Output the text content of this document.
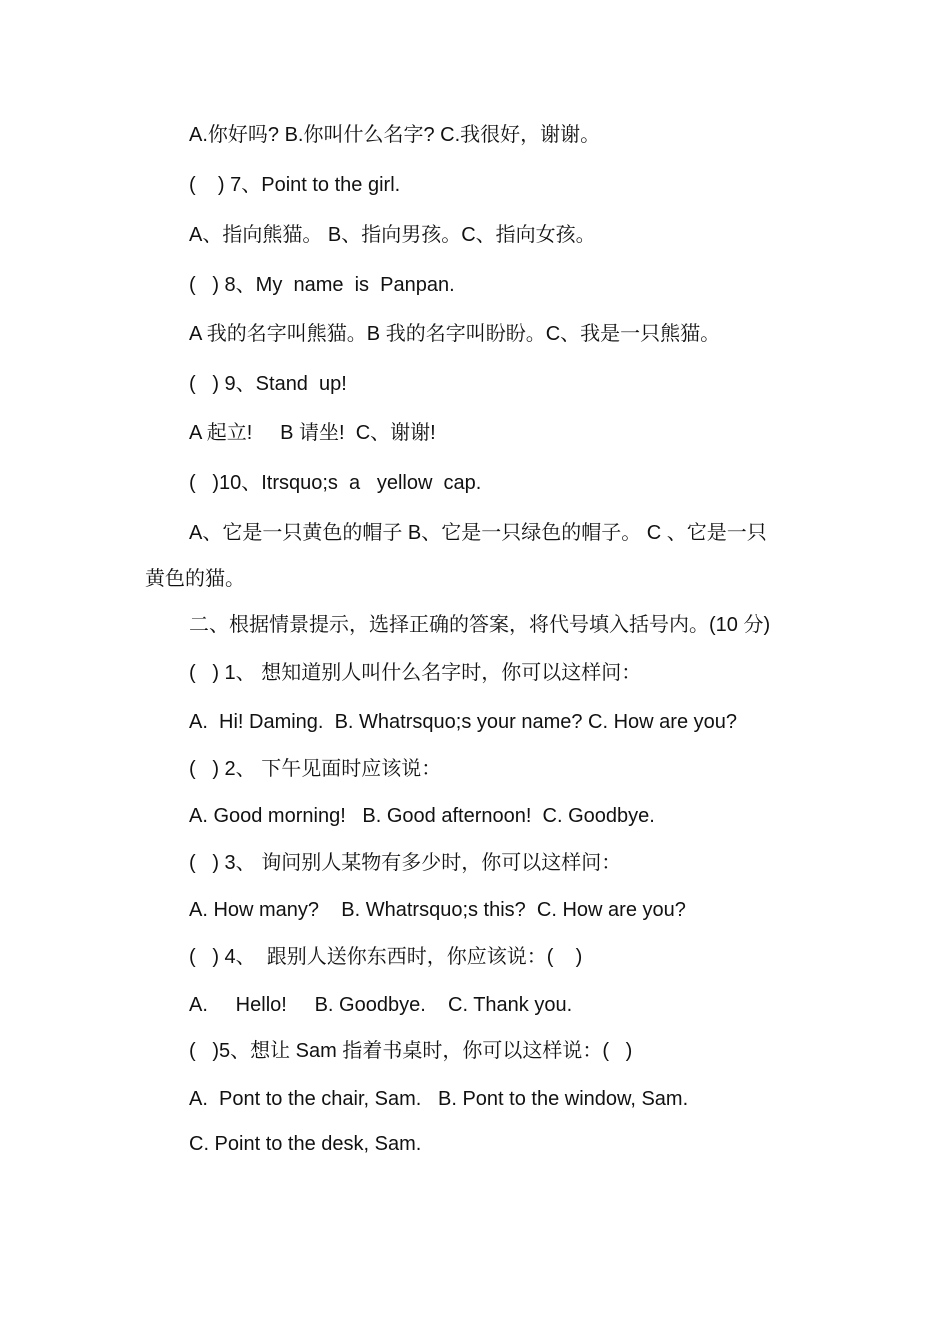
A.你好吗? B.你叫什么名字? C.我很好，谢谢。
(    ) 7、Point to the girl.
A、指向熊猫。 B、指向男孩。C、指向女孩。
(   ) 8、My  name  is  Panpan.
A 我的名字叫熊猫。B 我的名字叫盼盼。C、我是一只熊猫。
(   ) 9、Stand  up!
A 起立!     B 请坐!  C、谢谢!
(   )10、Itrsquo;s  a   yellow  cap.
A、它是一只黄色的帽子 B、它是一只绿色的帽子。 C 、它是一只
黄色的猫。
二、根据情景提示，选择正确的答案，将代号填入括号内。(10 分)
(   ) 1、 想知道别人叫什么名字时，你可以这样问：
A.  Hi! Daming.  B. Whatrsquo;s your name? C. How are you?
(   ) 2、 下午见面时应该说：
A. Good morning!   B. Good afternoon!  C. Goodbye.
(   ) 3、 询问别人某物有多少时，你可以这样问：
A. How many?    B. Whatrsquo;s this?  C. How are you?
(   ) 4、  跟别人送你东西时，你应该说：(    )
A.     Hello!     B. Goodbye.    C. Thank you.
(   )5、想让 Sam 指着书桌时，你可以这样说：(   )
A.  Pont to the chair, Sam.   B. Pont to the window, Sam.
C. Point to the desk, Sam.
